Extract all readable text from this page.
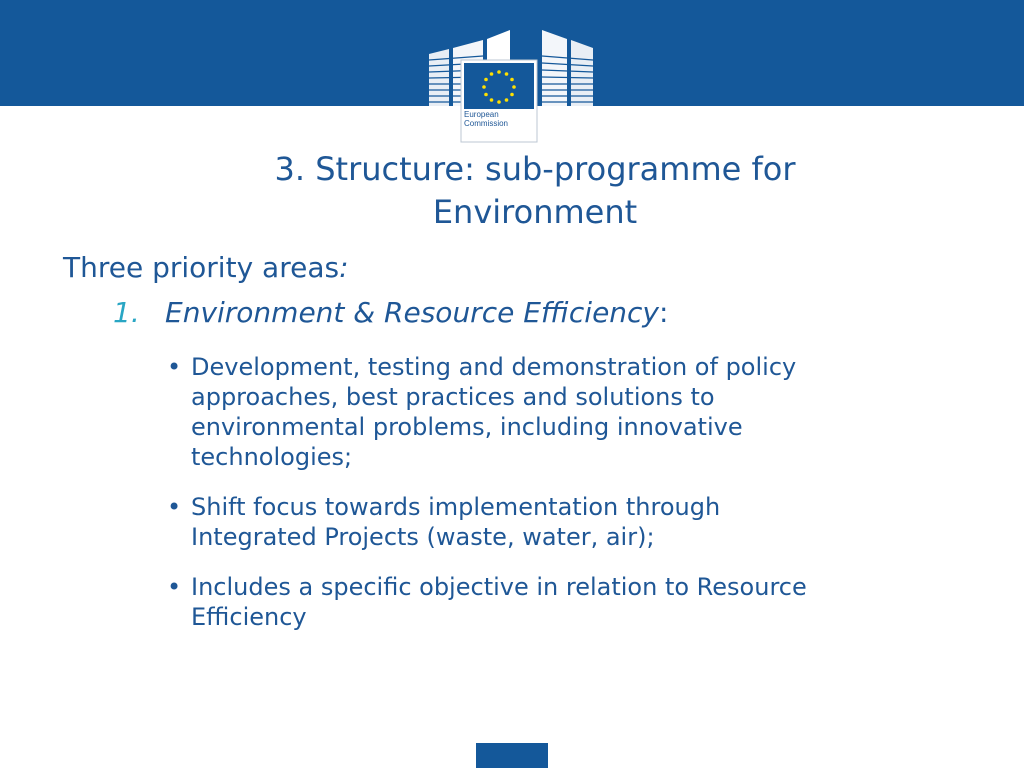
European
Commission
3. Structure: sub-programme for
Environment

Three priority areas:

1. Environment & Resource Efficiency:

• Development, testing and demonstration of policy
approaches, best practices and solutions to
environmental problems, including innovative
technologies;
• Shift focus towards implementation through
Integrated Projects (waste, water, air);
• Includes a specific objective in relation to Resource
Efficiency
